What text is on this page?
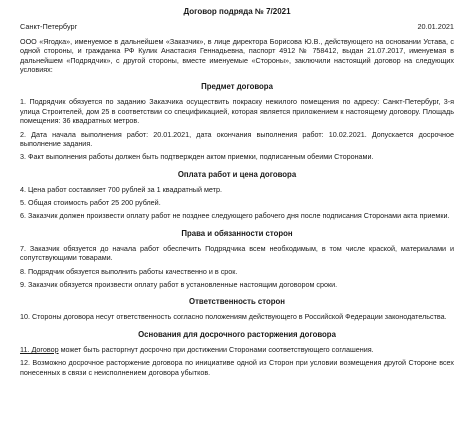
Договор подряда № 7/2021
Санкт-Петербург	20.01.2021
ООО «Ягодка», именуемое в дальнейшем «Заказчик», в лице директора Борисова Ю.В., действующего на основании Устава, с одной стороны, и гражданка РФ Кулик Анастасия Геннадьевна, паспорт 4912 № 758412, выдан 21.07.2017, именуемая в дальнейшем «Подрядчик», с другой стороны, вместе именуемые «Стороны», заключили настоящий договор на следующих условиях:
Предмет договора
1. Подрядчик обязуется по заданию Заказчика осуществить покраску нежилого помещения по адресу: Санкт-Петербург, 3-я улица Строителей, дом 25 в соответствии со спецификацией, которая является приложением к настоящему договору. Площадь помещения: 36 квадратных метров.
2. Дата начала выполнения работ: 20.01.2021, дата окончания выполнения работ: 10.02.2021. Допускается досрочное выполнение задания.
3. Факт выполнения работы должен быть подтвержден актом приемки, подписанным обеими Сторонами.
Оплата работ и цена договора
4. Цена работ составляет 700 рублей за 1 квадратный метр.
5. Общая стоимость работ 25 200 рублей.
6. Заказчик должен произвести оплату работ не позднее следующего рабочего дня после подписания Сторонами акта приемки.
Права и обязанности сторон
7. Заказчик обязуется до начала работ обеспечить Подрядчика всем необходимым, в том числе краской, материалами и сопутствующими товарами.
8. Подрядчик обязуется выполнить работы качественно и в срок.
9. Заказчик обязуется произвести оплату работ в установленные настоящим договором сроки.
Ответственность сторон
10. Стороны договора несут ответственность согласно положениям действующего в Российской Федерации законодательства.
Основания для досрочного расторжения договора
11. Договор может быть расторгнут досрочно при достижении Сторонами соответствующего соглашения.
12. Возможно досрочное расторжение договора по инициативе одной из Сторон при условии возмещения другой Стороне всех понесенных в связи с неисполнением договора убытков.
